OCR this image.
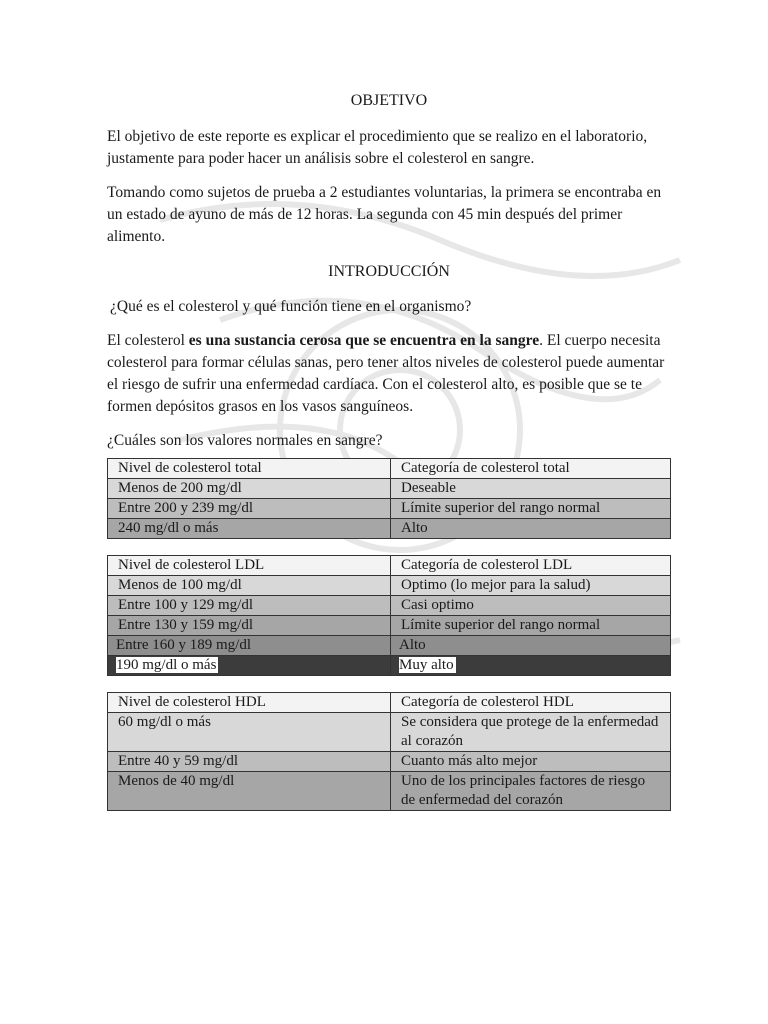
OBJETIVO

El objetivo de este reporte es explicar el procedimiento que se realizo en el laboratorio, justamente para poder hacer un análisis sobre el colesterol en sangre.

Tomando como sujetos de prueba a 2 estudiantes voluntarias, la primera se encontraba en un estado de ayuno de más de 12 horas. La segunda con 45 min después del primer alimento.

INTRODUCCIÓN

¿Qué es el colesterol y qué función tiene en el organismo?

El colesterol es una sustancia cerosa que se encuentra en la sangre. El cuerpo necesita colesterol para formar células sanas, pero tener altos niveles de colesterol puede aumentar el riesgo de sufrir una enfermedad cardíaca. Con el colesterol alto, es posible que se te formen depósitos grasos en los vasos sanguíneos.

¿Cuáles son los valores normales en sangre?

Nivel de colesterol total	Categoría de colesterol total
Menos de 200 mg/dl	Deseable
Entre 200 y 239 mg/dl	Límite superior del rango normal
240 mg/dl o más	Alto
Nivel de colesterol LDL	Categoría de colesterol LDL
Menos de 100 mg/dl	Optimo (lo mejor para la salud)
Entre 100 y 129 mg/dl	Casi optimo
Entre 130 y 159 mg/dl	Límite superior del rango normal
Entre 160 y 189 mg/dl	Alto
190 mg/dl o más	Muy alto
Nivel de colesterol HDL	Categoría de colesterol HDL
60 mg/dl o más	Se considera que protege de la enfermedad al corazón
Entre 40 y 59 mg/dl	Cuanto más alto mejor
Menos de 40 mg/dl	Uno de los principales factores de riesgo de enfermedad del corazón
